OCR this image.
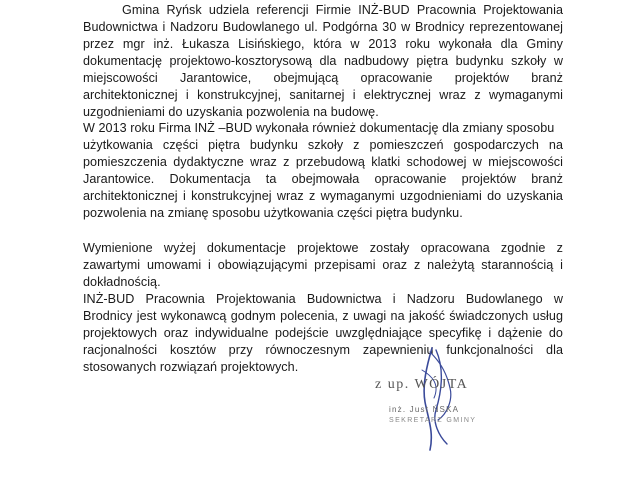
Gmina Ryńsk udziela referencji Firmie INŻ-BUD Pracownia Projektowania
Budownictwa i Nadzoru Budowlanego ul. Podgórna 30 w Brodnicy reprezentowanej
przez mgr inż. Łukasza Lisińskiego, która w 2013 roku wykonała dla Gminy
dokumentację projektowo-kosztorysową dla nadbudowy piętra budynku szkoły w
miejscowości Jarantowice, obejmującą opracowanie projektów branż
architektonicznej i konstrukcyjnej, sanitarnej i elektrycznej wraz z wymaganymi
uzgodnieniami do uzyskania pozwolenia na budowę.
W 2013 roku Firma INŻ –BUD wykonała również dokumentację dla zmiany sposobu
użytkowania części piętra budynku szkoły z pomieszczeń gospodarczych na
pomieszczenia dydaktyczne wraz z przebudową klatki schodowej w miejscowości
Jarantowice. Dokumentacja ta obejmowała opracowanie projektów branż
architektonicznej i konstrukcyjnej wraz z wymaganymi uzgodnieniami do uzyskania
pozwolenia na zmianę sposobu użytkowania części piętra budynku.
Wymienione wyżej dokumentacje projektowe zostały opracowana zgodnie z
zawartymi umowami i obowiązującymi przepisami oraz z należytą starannością i
dokładnością.
INŻ-BUD Pracownia Projektowania Budownictwa i Nadzoru Budowlanego w
Brodnicy jest wykonawcą godnym polecenia, z uwagi na jakość świadczonych usług
projektowych oraz indywidualne podejście uwzględniające specyfikę i dążenie do
racjonalności kosztów przy równoczesnym zapewnieniu funkcjonalności dla
stosowanych rozwiązań projektowych.
z up. WÓJTA
inż. Just ŃSKA
SEKRETARZ GMINY
